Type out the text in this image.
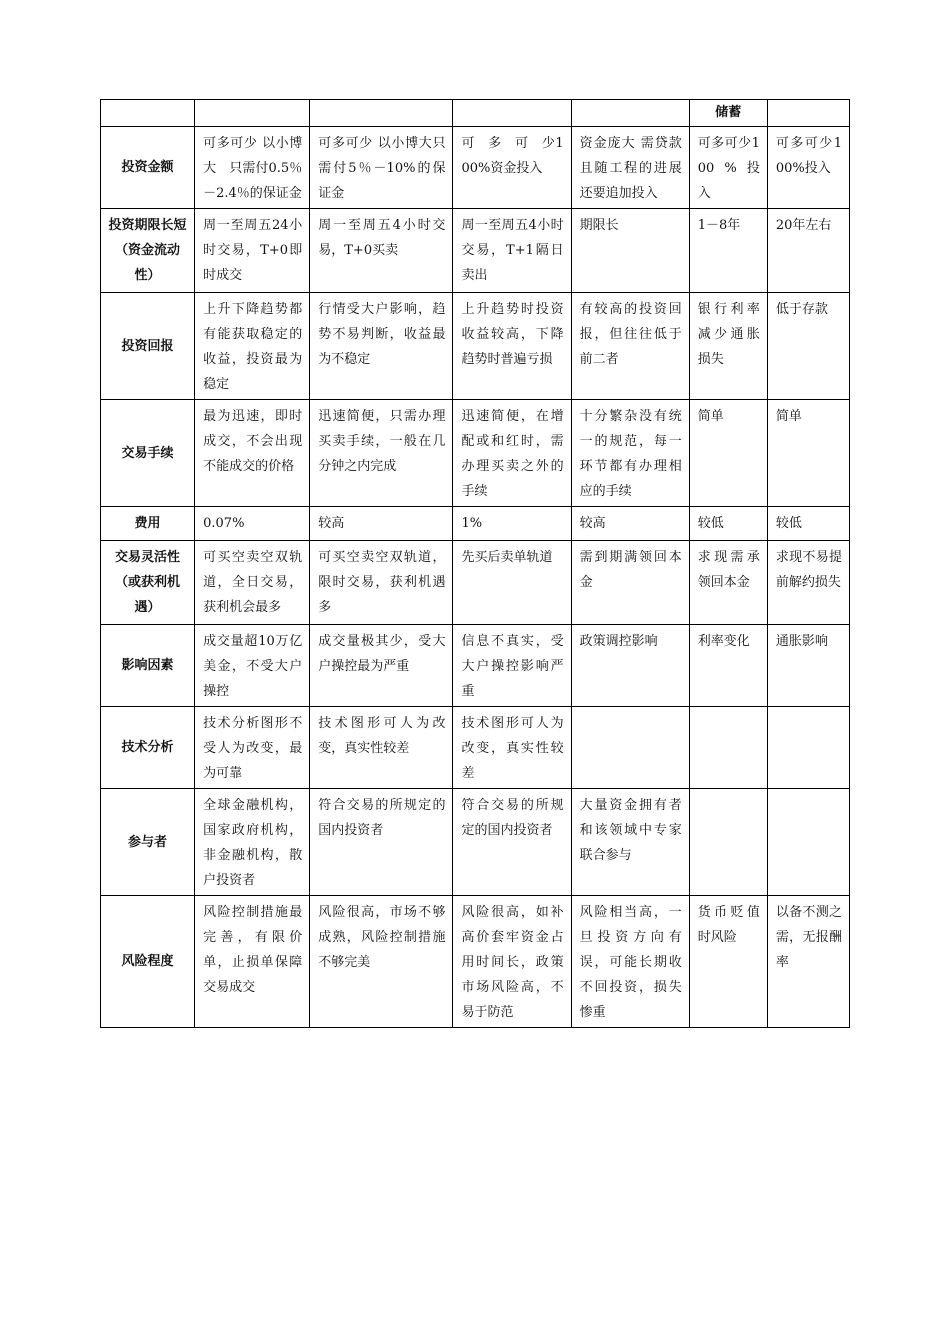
					储蓄	
投资金额	可多可少 以小博大　只需付0.5％－2.4％的保证金	可多可少 以小博大只需付5％－10%的保证金	可　多　可　少100%资金投入	资金庞大 需贷款且随工程的进展还要追加投入	可多可少100 % 投入	可多可少100%投入
投资期限长短（资金流动性）	周一至周五24小时交易，T+0即时成交	周一至周五4小时交易，T+0买卖	周一至周五4小时交易，T+1隔日卖出	期限长	1－8年	20年左右
投资回报	上升下降趋势都有能获取稳定的收益，投资最为稳定	行情受大户影响，趋势不易判断，收益最为不稳定	上升趋势时投资收益较高，下降趋势时普遍亏损	有较高的投资回报，但往往低于前二者	银行利率减少通胀损失	低于存款
交易手续	最为迅速，即时成交，不会出现不能成交的价格	迅速简便，只需办理买卖手续，一般在几分钟之内完成	迅速简便，在增配或和红时，需办理买卖之外的手续	十分繁杂没有统一的规范，每一环节都有办理相应的手续	简单	简单
费用	0.07%	较高	1%	较高	较低	较低
交易灵活性（或获利机遇）	可买空卖空双轨道，全日交易，获利机会最多	可买空卖空双轨道，限时交易，获利机遇多	先买后卖单轨道	需到期满领回本金	求现需承领回本金	求现不易提前解约损失
影响因素	成交量超10万亿美金，不受大户操控	成交量极其少，受大户操控最为严重	信息不真实，受大户操控影响严重	政策调控影响	利率变化	通胀影响
技术分析	技术分析图形不受人为改变，最为可靠	技术图形可人为改变，真实性较差	技术图形可人为改变，真实性较差			
参与者	全球金融机构，国家政府机构，非金融机构，散户投资者	符合交易的所规定的国内投资者	符合交易的所规定的国内投资者	大量资金拥有者和该领域中专家联合参与		
风险程度	风险控制措施最完善，有限价单，止损单保障交易成交	风险很高，市场不够成熟，风险控制措施不够完美	风险很高，如补高价套牢资金占用时间长，政策市场风险高，不易于防范	风险相当高，一旦投资方向有误，可能长期收不回投资，损失惨重	货币贬值时风险	以备不测之需，无报酬率
